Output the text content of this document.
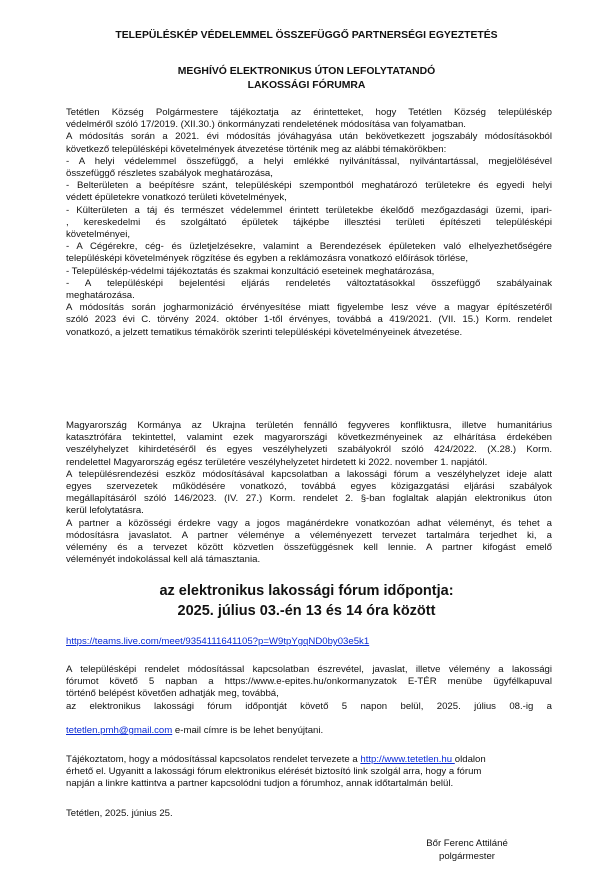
TELEPÜLÉSKÉP VÉDELEMMEL ÖSSZEFÜGGŐ PARTNERSÉGI EGYEZTETÉS
MEGHÍVÓ ELEKTRONIKUS ÚTON LEFOLYTATANDÓ
LAKOSSÁGI FÓRUMRA
Tetétlen Község Polgármestere tájékoztatja az érintetteket, hogy Tetétlen Község településkép
védelméről szóló 17/2019. (XII.30.) önkormányzati rendeletének módosítása van folyamatban.
A módosítás során a 2021. évi módosítás jóváhagyása után bekövetkezett jogszabály módosításokból
következő településképi követelmények átvezetése történik meg az alábbi témakörökben:
- A helyi védelemmel összefüggő, a helyi emlékké nyilvánítással, nyilvántartással, megjelölésével
összefüggő részletes szabályok meghatározása,
- Belterületen a beépítésre szánt, településképi szempontból meghatározó területekre és egyedi helyi
védett épületekre vonatkozó területi követelmények,
- Külterületen a táj és természet védelemmel érintett területekbe ékelődő mezőgazdasági üzemi, ipari-
, kereskedelmi és szolgáltató épületek tájképbe illesztési területi építészeti településképi
követelményei,
- A Cégérekre, cég- és üzletjelzésekre, valamint a Berendezések épületeken való elhelyezhetőségére
településképi követelmények rögzítése és egyben a reklámozásra vonatkozó előírások törlése,
- Településkép-védelmi tájékoztatás és szakmai konzultáció eseteinek meghatározása,
- A településképi bejelentési eljárás rendeletés változtatásokkal összefüggő szabályainak
meghatározása.
A módosítás során jogharmonizáció érvényesítése miatt figyelembe lesz véve a magyar építészetéről
szóló 2023 évi C. törvény 2024. október 1-től érvényes, továbbá a 419/2021. (VII. 15.) Korm. rendelet
vonatkozó, a jelzett tematikus témakörök szerinti településképi követelményeinek átvezetése.
Magyarország Kormánya az Ukrajna területén fennálló fegyveres konfliktusra, illetve humanitárius
katasztrófára tekintettel, valamint ezek magyarországi következményeinek az elhárítása érdekében
veszélyhelyzet kihirdetéséről és egyes veszélyhelyzeti szabályokról szóló 424/2022. (X.28.) Korm.
rendelettel Magyarország egész területére veszélyhelyzetet hirdetett ki 2022. november 1. napjától.
A településrendezési eszköz módosításával kapcsolatban a lakossági fórum a veszélyhelyzet ideje alatt
egyes szervezetek működésére vonatkozó, továbbá egyes közigazgatási eljárási szabályok
megállapításáról szóló 146/2023. (IV. 27.) Korm. rendelet 2. §-ban foglaltak alapján elektronikus úton
kerül lefolytatásra.
A partner a közösségi érdekre vagy a jogos magánérdekre vonatkozóan adhat véleményt, és tehet a
módosításra javaslatot. A partner véleménye a véleményezett tervezet tartalmára terjedhet ki, a
vélemény és a tervezet között közvetlen összefüggésnek kell lennie. A partner kifogást emelő
véleményét indokolással kell alá támasztania.
az elektronikus lakossági fórum időpontja:
2025. július 03.-én 13 és 14 óra között
https://teams.live.com/meet/9354111641105?p=W9tpYgqND0by03e5k1
A településképi rendelet módosítással kapcsolatban észrevétel, javaslat, illetve vélemény a lakossági
fórumot követő 5 napban a https://www.e-epites.hu/onkormanyzatok E-TÉR menübe ügyfélkapuval
történő belépést követően adhatják meg, továbbá,
az elektronikus lakossági fórum időpontját követő 5 napon belül, 2025. július 08.-ig a
tetetlen.pmh@gmail.com e-mail címre is be lehet benyújtani.
Tájékoztatom, hogy a módosítással kapcsolatos rendelet tervezete a http://www.tetetlen.hu oldalon
érhető el. Ugyanitt a lakossági fórum elektronikus elérését biztosító link szolgál arra, hogy a fórum
napján a linkre kattintva a partner kapcsolódni tudjon a fórumhoz, annak időtartalmán belül.
Tetétlen, 2025. június 25.
Bőr Ferenc Attiláné
polgármester
